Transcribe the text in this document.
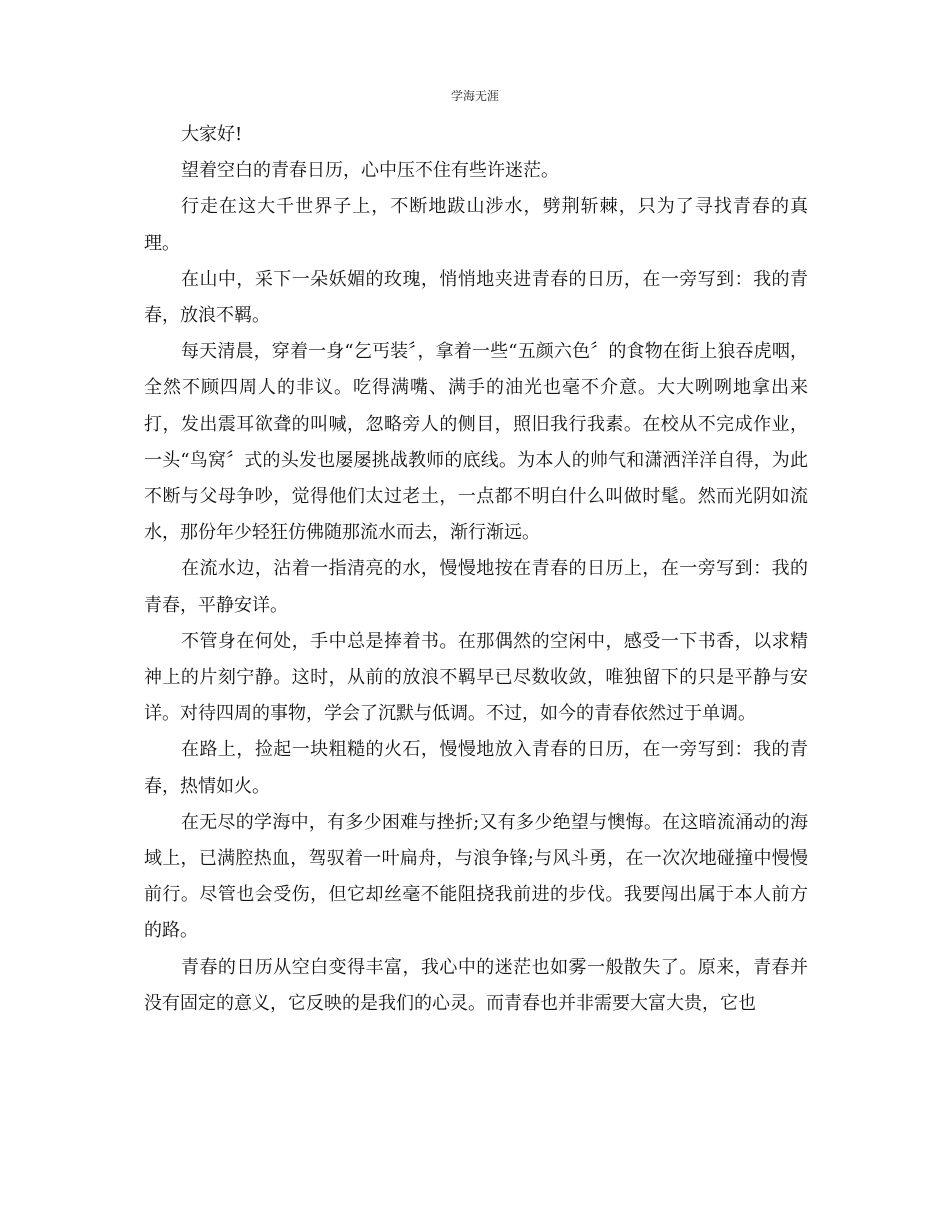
学海无涯

大家好!

望着空白的青春日历，心中压不住有些许迷茫。

行走在这大千世界子上，不断地跋山涉水，劈荆斩棘，只为了寻找青春的真理。

在山中，采下一朵妖媚的玫瑰，悄悄地夹进青春的日历，在一旁写到：我的青春，放浪不羁。

每天清晨，穿着一身“乞丐装〞，拿着一些“五颜六色〞的食物在街上狼吞虎咽，全然不顾四周人的非议。吃得满嘴、满手的油光也毫不介意。大大咧咧地拿出来打，发出震耳欲聋的叫喊，忽略旁人的侧目，照旧我行我素。在校从不完成作业，一头“鸟窝〞式的头发也屡屡挑战教师的底线。为本人的帅气和潇洒洋洋自得，为此不断与父母争吵，觉得他们太过老土，一点都不明白什么叫做时髦。然而光阴如流水，那份年少轻狂仿佛随那流水而去，渐行渐远。

在流水边，沾着一指清亮的水，慢慢地按在青春的日历上，在一旁写到：我的青春，平静安详。

不管身在何处，手中总是捧着书。在那偶然的空闲中，感受一下书香，以求精神上的片刻宁静。这时，从前的放浪不羁早已尽数收敛，唯独留下的只是平静与安详。对待四周的事物，学会了沉默与低调。不过，如今的青春依然过于单调。

在路上，捡起一块粗糙的火石，慢慢地放入青春的日历，在一旁写到：我的青春，热情如火。

在无尽的学海中，有多少困难与挫折;又有多少绝望与懊悔。在这暗流涌动的海域上，已满腔热血，驾驭着一叶扁舟，与浪争锋;与风斗勇，在一次次地碰撞中慢慢前行。尽管也会受伤，但它却丝毫不能阻挠我前进的步伐。我要闯出属于本人前方的路。

青春的日历从空白变得丰富，我心中的迷茫也如雾一般散失了。原来，青春并没有固定的意义，它反映的是我们的心灵。而青春也并非需要大富大贵，它也
